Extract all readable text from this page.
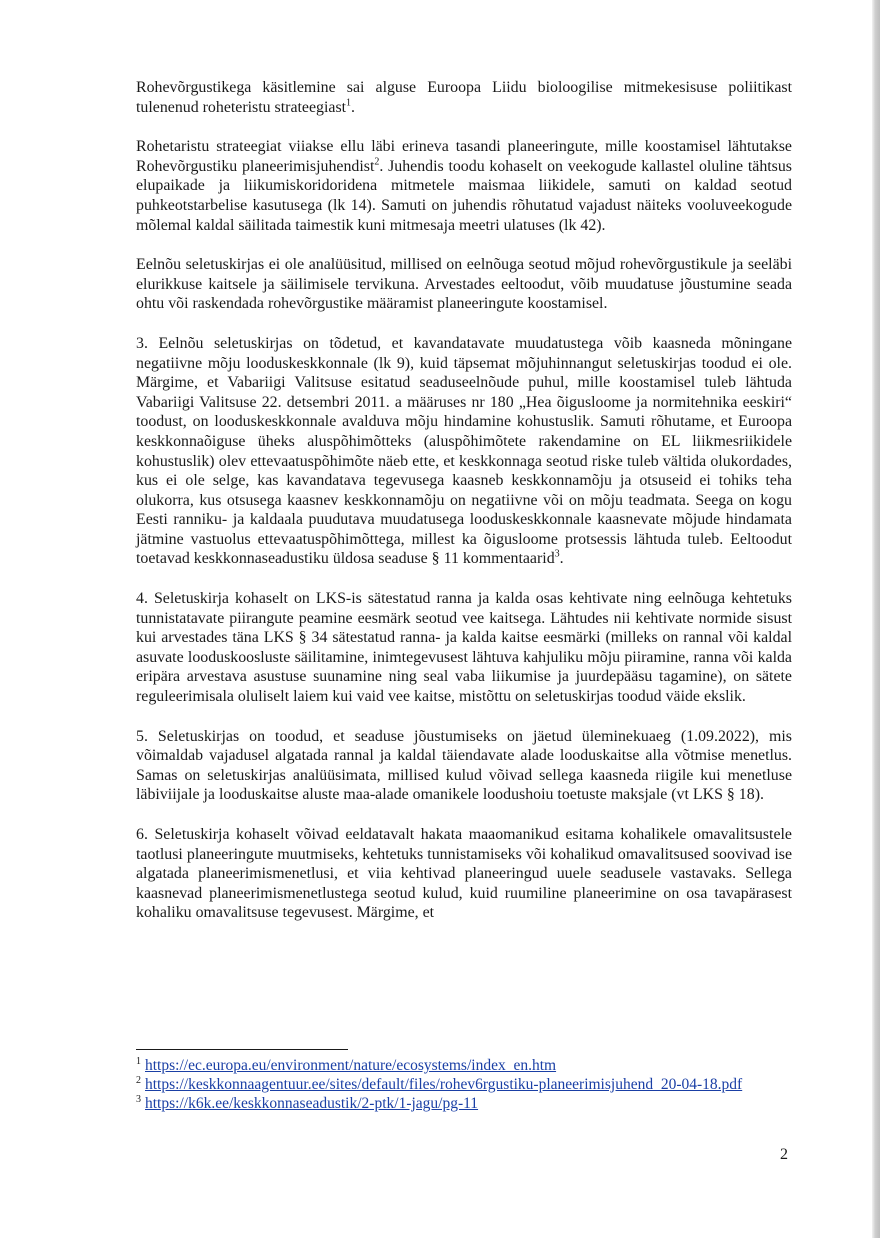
Rohevõrgustikega käsitlemine sai alguse Euroopa Liidu bioloogilise mitmekesisuse poliitikast tulenenud roheteristu strateegiast$^1$.

Rohetaristu strateegiat viiakse ellu läbi erineva tasandi planeeringute, mille koostamisel lähtutakse Rohevõrgustiku planeerimisjuhendist$^2$. Juhendis toodu kohaselt on veekogude kallastel oluline tähtsus elupaikade ja liikumiskoridoridena mitmetele maismaa liikidele, samuti on kaldad seotud puhkeotstarbelise kasutusega (lk 14). Samuti on juhendis rõhutatud vajadust näiteks vooluveekogude mõlemal kaldal säilitada taimestik kuni mitmesaja meetri ulatuses (lk 42).

Eelnõu seletuskirjas ei ole analüüsitud, millised on eelnõuga seotud mõjud rohevõrgustikule ja seeläbi elurikkuse kaitsele ja säilimisele tervikuna. Arvestades eeltoodut, võib muudatuse jõustumine seada ohtu või raskendada rohevõrgustike määramist planeeringute koostamisel.

3. Eelnõu seletuskirjas on tõdetud, et kavandatavate muudatustega võib kaasneda mõningane negatiivne mõju looduskeskkonnale (lk 9), kuid täpsemat mõjuhinnangut seletuskirjas toodud ei ole. Märgime, et Vabariigi Valitsuse esitatud seaduseelnõude puhul, mille koostamisel tuleb lähtuda Vabariigi Valitsuse 22. detsembri 2011. a määruses nr 180 „Hea õigusloome ja normitehnika eeskiri“ toodust, on looduskeskkonnale avalduva mõju hindamine kohustuslik. Samuti rõhutame, et Euroopa keskkonnaõiguse üheks aluspõhimõtteks (aluspõhimõtete rakendamine on EL liikmesriikidele kohustuslik) olev ettevaatuspõhimõte näeb ette, et keskkonnaga seotud riske tuleb vältida olukordades, kus ei ole selge, kas kavandatava tegevusega kaasneb keskkonnamõju ja otsuseid ei tohiks teha olukorra, kus otsusega kaasnev keskkonnamõju on negatiivne või on mõju teadmata. Seega on kogu Eesti ranniku- ja kaldaala puudutava muudatusega looduskeskkonnale kaasnevate mõjude hindamata jätmine vastuolus ettevaatuspõhimõttega, millest ka õigusloome protsessis lähtuda tuleb. Eeltoodut toetavad keskkonnaseadustiku üldosa seaduse § 11 kommentaarid$^3$.

4. Seletuskirja kohaselt on LKS-is sätestatud ranna ja kalda osas kehtivate ning eelnõuga kehtetuks tunnistatavate piirangute peamine eesmärk seotud vee kaitsega. Lähtudes nii kehtivate normide sisust kui arvestades täna LKS § 34 sätestatud ranna- ja kalda kaitse eesmärki (milleks on rannal või kaldal asuvate looduskoosluste säilitamine, inimtegevusest lähtuva kahjuliku mõju piiramine, ranna või kalda eripära arvestava asustuse suunamine ning seal vaba liikumise ja juurdepääsu tagamine), on sätete reguleerimisala oluliselt laiem kui vaid vee kaitse, mistõttu on seletuskirjas toodud väide ekslik.

5. Seletuskirjas on toodud, et seaduse jõustumiseks on jäetud üleminekuaeg (1.09.2022), mis võimaldab vajadusel algatada rannal ja kaldal täiendavate alade looduskaitse alla võtmise menetlus. Samas on seletuskirjas analüüsimata, millised kulud võivad sellega kaasneda riigile kui menetluse läbiviijale ja looduskaitse aluste maa-alade omanikele loodushoiu toetuste maksjale (vt LKS § 18).

6. Seletuskirja kohaselt võivad eeldatavalt hakata maaomanikud esitama kohalikele omavalitsustele taotlusi planeeringute muutmiseks, kehtetuks tunnistamiseks või kohalikud omavalitsused soovivad ise algatada planeerimismenetlusi, et viia kehtivad planeeringud uuele seadusele vastavaks. Sellega kaasnevad planeerimismenetlustega seotud kulud, kuid ruumiline planeerimine on osa tavapärasest kohaliku omavalitsuse tegevusest. Märgime, et

$^1$ https://ec.europa.eu/environment/nature/ecosystems/index_en.htm
$^2$ https://keskkonnaagentuur.ee/sites/default/files/rohev6rgustiku-planeerimisjuhend_20-04-18.pdf
$^3$ https://k6k.ee/keskkonnaseadustik/2-ptk/1-jagu/pg-11
2
